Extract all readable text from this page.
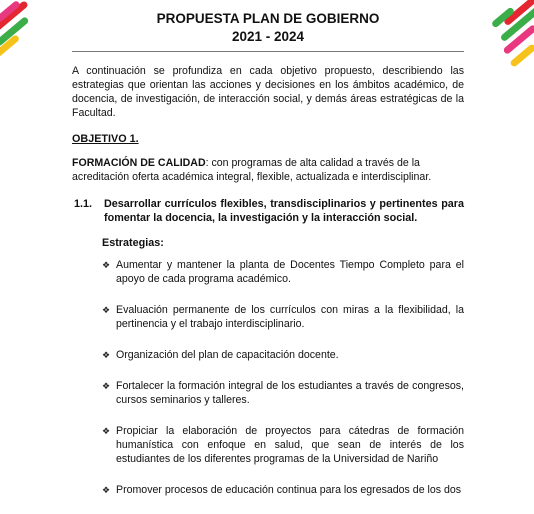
PROPUESTA PLAN DE GOBIERNO

2021 - 2024

A continuación se profundiza en cada objetivo propuesto, describiendo las estrategias que orientan las acciones y decisiones en los ámbitos académico, de docencia, de investigación, de interacción social, y demás áreas estratégicas de la Facultad.

OBJETIVO 1.

FORMACIÓN DE CALIDAD: con programas de alta calidad a través de la acreditación oferta académica integral, flexible, actualizada e interdisciplinar.

1.1.	Desarrollar currículos flexibles, transdisciplinarios y pertinentes para fomentar la docencia, la investigación y la interacción social.

Estrategias:

❖ Aumentar y mantener la planta de Docentes Tiempo Completo para el apoyo de cada programa académico.
❖ Evaluación permanente de los currículos con miras a la flexibilidad, la pertinencia y el trabajo interdisciplinario.
❖ Organización del plan de capacitación docente.
❖ Fortalecer la formación integral de los estudiantes a través de congresos, cursos seminarios y talleres.
❖ Propiciar la elaboración de proyectos para cátedras de formación humanística con enfoque en salud, que sean de interés de los estudiantes de los diferentes programas de la Universidad de Nariño
❖ Promover procesos de educación continua para los egresados de los dos
